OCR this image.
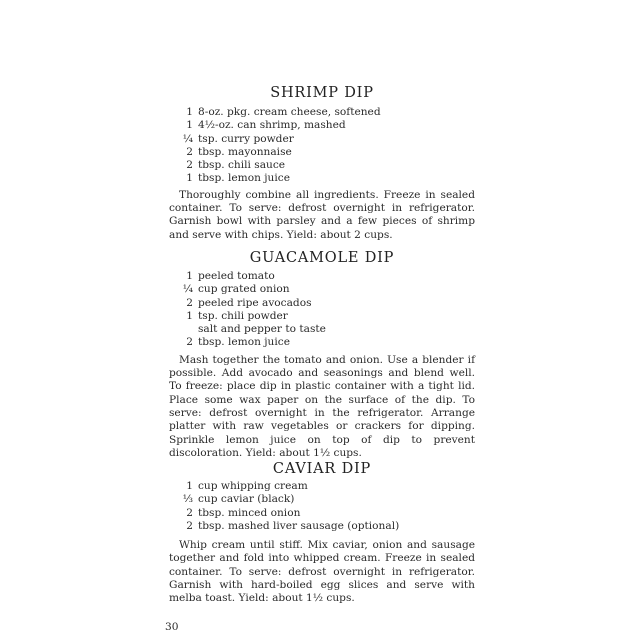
SHRIMP DIP
1 8-oz. pkg. cream cheese, softened
1 4½-oz. can shrimp, mashed
¼ tsp. curry powder
2 tbsp. mayonnaise
2 tbsp. chili sauce
1 tbsp. lemon juice

Thoroughly combine all ingredients. Freeze in sealed container. To serve: defrost overnight in refrigerator. Garnish bowl with parsley and a few pieces of shrimp and serve with chips. Yield: about 2 cups.

GUACAMOLE DIP
1 peeled tomato
¼ cup grated onion
2 peeled ripe avocados
1 tsp. chili powder
salt and pepper to taste
2 tbsp. lemon juice

Mash together the tomato and onion. Use a blender if possible. Add avocado and seasonings and blend well. To freeze: place dip in plastic container with a tight lid. Place some wax paper on the surface of the dip. To serve: defrost overnight in the refrigerator. Arrange platter with raw vegetables or crackers for dipping. Sprinkle lemon juice on top of dip to prevent discoloration. Yield: about 1½ cups.

CAVIAR DIP
1 cup whipping cream
⅓ cup caviar (black)
2 tbsp. minced onion
2 tbsp. mashed liver sausage (optional)

Whip cream until stiff. Mix caviar, onion and sausage together and fold into whipped cream. Freeze in sealed container. To serve: defrost overnight in refrigerator. Garnish with hard-boiled egg slices and serve with melba toast. Yield: about 1½ cups.

30
